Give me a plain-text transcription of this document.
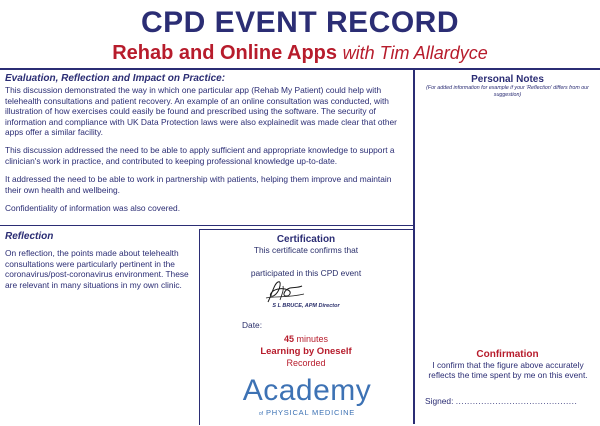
CPD EVENT RECORD
Rehab and Online Apps with Tim Allardyce
Evaluation, Reflection and Impact on Practice:

This discussion demonstrated the way in which one particular app (Rehab My Patient) could help with telehealth consultations and patient recovery. An example of an online consultation was conducted, with illustration of how exercises could easily be found and prescribed using the software. The security of information and compliance with UK Data Protection laws were also explainedit was made clear that other apps offer a similar facility.

This discussion addressed the need to be able to apply sufficient and appropriate knowledge to support a clinician's work in practice, and contributed to keeping professional knowledge up-to-date.

It addressed the need to be able to work in partnership with patients, helping them improve and maintain their own health and wellbeing.

Confidentiality of information was also covered.

Reflection

On reflection, the points made about telehealth consultations were particularly pertinent in the coronavirus/post-coronavirus environment. These are relevant in many situations in my own clinic.

Certification
This certificate confirms that
participated in this CPD event
S L BRUCE, APM Director
Date:
45 minutes
Learning by Oneself
Recorded
Academy
of PHYSICAL MEDICINE
Personal Notes
(For added information for example if your 'Reflection' differs from our suggestion)
Confirmation
I confirm that the figure above accurately reflects the time spent by me on this event.
Signed: ...........................................
